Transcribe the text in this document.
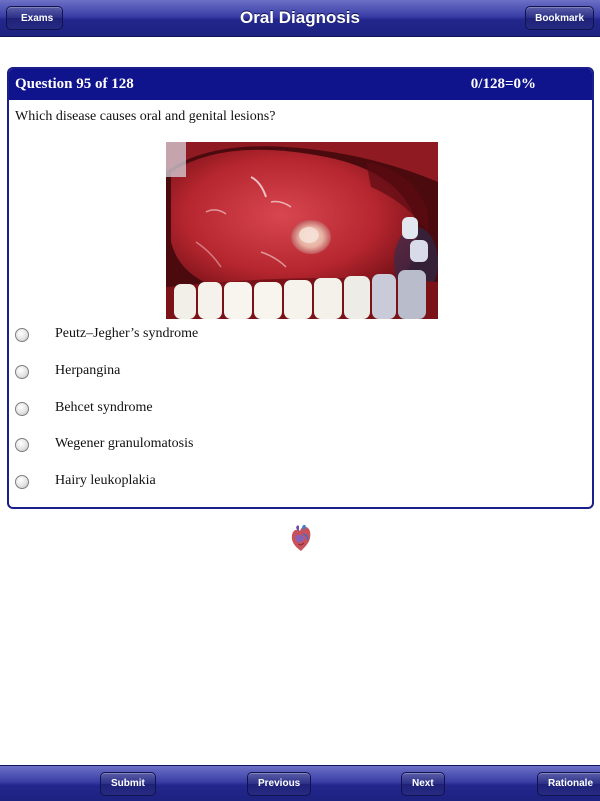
Oral Diagnosis
Exams	Bookmark
Question 95 of 128	0/128=0%
Which disease causes oral and genital lesions?
Peutz–Jegher’s syndrome
Herpangina
Behcet syndrome
Wegener granulomatosis
Hairy leukoplakia
Submit	Previous	Next	Rationale
